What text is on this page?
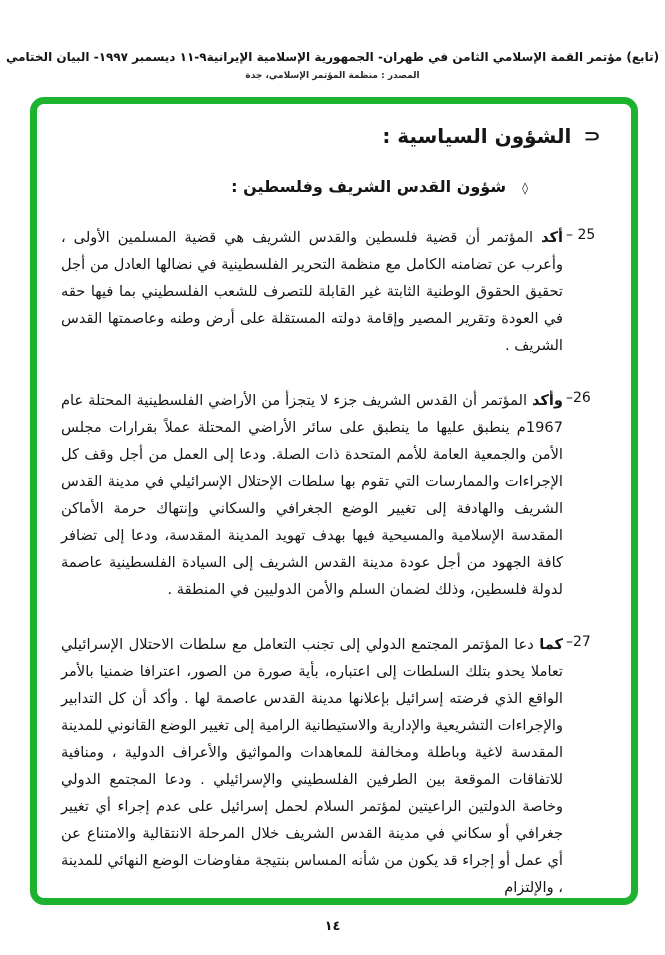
(تابع) مؤتمر القمة الإسلامي الثامن في طهران- الجمهورية الإسلامية الإيرانية٩-١١ ديسمبر ١٩٩٧- البيان الختامي
المصدر : منظمة المؤتمر الإسلامي، جدة
⊂
الشؤون السياسية :
◊
شؤون القدس الشريف وفلسطين :
– 25
أكد المؤتمر أن قضية فلسطين والقدس الشريف هي قضية المسلمين الأولى ، وأعرب عن تضامنه الكامل مع منظمة التحرير الفلسطينية في نضالها العادل من أجل تحقيق الحقوق الوطنية الثابتة غير القابلة للتصرف للشعب الفلسطيني بما فيها حقه في العودة وتقرير المصير وإقامة دولته المستقلة على أرض وطنه وعاصمتها القدس الشريف .
–26
وأكد المؤتمر أن القدس الشريف جزء لا يتجزأ من الأراضي الفلسطينية المحتلة عام 1967م ينطبق عليها ما ينطبق على سائر الأراضي المحتلة عملاً بقرارات مجلس الأمن والجمعية العامة للأمم المتحدة ذات الصلة. ودعا إلى العمل من أجل وقف كل الإجراءات والممارسات التي تقوم بها سلطات الإحتلال الإسرائيلي في مدينة القدس الشريف والهادفة إلى تغيير الوضع الجغرافي والسكاني وإنتهاك حرمة الأماكن المقدسة الإسلامية والمسيحية فيها بهدف تهويد المدينة المقدسة، ودعا إلى تضافر كافة الجهود من أجل عودة مدينة القدس الشريف إلى السيادة الفلسطينية عاصمة لدولة فلسطين، وذلك لضمان السلم والأمن الدوليين في المنطقة .
–27
كما دعا المؤتمر المجتمع الدولي إلى تجنب التعامل مع سلطات الاحتلال الإسرائيلي تعاملا يحدو بتلك السلطات إلى اعتباره، بأية صورة من الصور، اعترافا ضمنيا بالأمر الواقع الذي فرضته إسرائيل بإعلانها مدينة القدس عاصمة لها . وأكد أن كل التدابير والإجراءات التشريعية والإدارية والاستيطانية الرامية إلى تغيير الوضع القانوني للمدينة المقدسة لاغية وباطلة ومخالفة للمعاهدات والمواثيق والأعراف الدولية ، ومنافية للاتفاقات الموقعة بين الطرفين الفلسطيني والإسرائيلي . ودعا المجتمع الدولي وخاصة الدولتين الراعيتين لمؤتمر السلام لحمل إسرائيل على عدم إجراء أي تغيير جغرافي أو سكاني في مدينة القدس الشريف خلال المرحلة الانتقالية والامتناع عن أي عمل أو إجراء قد يكون من شأنه المساس بنتيجة مفاوضات الوضع النهائي للمدينة ، والإلتزام
١٤
